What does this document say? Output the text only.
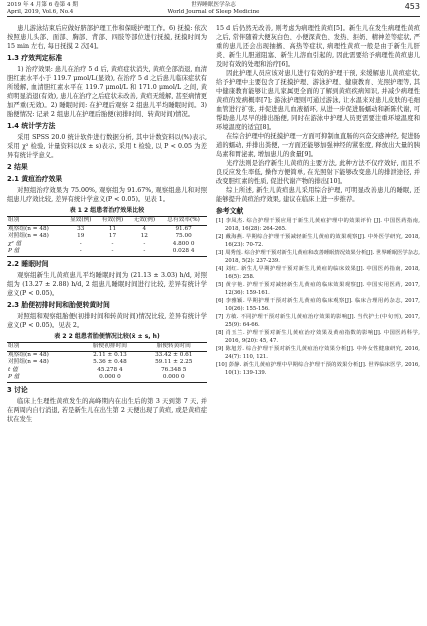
2019 年 4 月第 6 卷第 4 期
April, 2019, Vol.6, No.4
世界睡眠医学杂志
World Journal of Sleep Medicine
453

患儿游泳结束后应做好脐部护理工作和保暖护理工作。6) 抚摸: 依次按照患儿头部、面部、胸部、背部、四肢等部位进行抚摸, 抚摸时间为 15 min 左右, 每日抚摸 2 次[4]。

1.3 疗效判定标准

1) 治疗效果: 患儿在治疗 5 d 后, 黄疸症状消失, 黄疸全部消退, 血清胆红素水平小于 119.7 μmol/L(显效), 在治疗 5 d 之后患儿临床症状有所缓解, 血清胆红素水平在 119.7 μmol/L 和 171.0 μmol/L 之间, 黄疸明显消退(有效), 患儿在治疗之后症状未改善, 黄疸无缓解, 甚至病情更加严重(无效)。2) 睡眠时间: 在护理后观察 2 组患儿平均睡眠时间。3) 胎便情况: 记录 2 组患儿在护理后胎便(初排时间、转黄时间)情况。

1.4 统计学方法

采用 SPSS 20.0 统计软件进行数据分析, 其中计数资料以(%)表示, 采用 χ² 检验, 计量资料以(x̄ ± s)表示, 采用 t 检验, 以 P < 0.05 为差异有统计学意义。

2 结果
2.1 黄疸治疗效果

对照组治疗效果为 75.00%, 观察组为 91.67%, 观察组患儿和对照组患儿疗效比较, 差异有统计学意义(P < 0.05)。见表 1。

表 1 2 组患者治疗效果比较
组别	显效(例)	有效(例)	无效(例)	总有效率(%)
观察组(n = 48)	33	11	4	91.67
对照组(n = 48)	19	17	12	75.00
χ² 值	-	-	-	4.800 0
P 值	-	-	-	0.028 4
2.2 睡眠时间

观察组新生儿黄疸患儿平均睡眠时间为 (21.13 ± 3.03) h/d, 对照组为 (13.27 ± 2.88) h/d, 2 组患儿睡眠时间进行比较, 差异有统计学意义(P < 0.05)。

2.3 胎便初排时间和胎便转黄时间

对照组和观察组胎便(初排时间和转黄时间)情况比较, 差异有统计学意义(P < 0.05)。见表 2。

表 2 2 组患者胎便情况比较(x̄ ± s, h)
组别	胎便初排时间	胎便转黄时间
观察组(n = 48)	2.11 ± 0.13	33.42 ± 0.61
对照组(n = 48)	5.36 ± 0.48	59.11 ± 2.25
t 值	45.278 4	76.348 5
P 值	0.000 0	0.000 0
3 讨论

临床上生理性黄疸发生的高峰期内在出生后的第 3 天到第 7 天, 并在两周内自行消退, 若是新生儿在出生第 2 天便出现了黄疸, 或是黄疸症状在发生

15 d 后仍然无改善, 则考虑为病理性黄疸[5]。新生儿在发生病理性黄疸之后, 常伴随着大便灰白色、小便深黄色、发热、拒奶、精神差等症状, 严重的患儿还会出现抽搐、高热等症状, 病理性黄疸一般是由于新生儿肝炎、新生儿胆道阻塞、新生儿溶血引起的, 因此需要给予病理性黄疸患儿及时有效的处理和治疗[6]。

因此护理人员应该对患儿进行有效的护理干预, 来缓解患儿黄疸症状, 给予护理中主要包含了抚摸护理、游泳护理、健康教育、光照护理等, 其中健康教育能够让患儿家属更全面的了解到黄疸疾病知识, 并减少病理性黄疸的发病概率[7]; 游泳护理则可通过游泳, 让水温来对患儿皮肤的毛细血管进行扩张, 并促进患儿血液循环, 从进一步促进肠蠕动和新陈代谢, 可帮助患儿尽早的排出胎便, 同时在游泳中护理人员更需要注重环境温度和环境温度的适宜[8]。

在综合护理中的抚摸护理一方面可抑制血直肠的兴奋交感神经, 促进肠道的蠕动, 并排出粪便, 一方面还能够加强神经的紧张度, 释放出大量的胰岛素和胃泌素, 增加患儿的食量[9]。

光疗法则是治疗新生儿黄疸的主要方法, 此种方法不仅疗效好, 而且不良反应发生率低, 操作方便简单, 在光照射下能够改变患儿的排泄途径, 并改变胆红素的性质, 促进代谢产物的排出[10]。

综上所述, 新生儿黄疸患儿采用综合护理, 可明显改善患儿的睡眠, 还能够提升黄疸治疗效果, 建议在临床上进一步推荐。

参考文献
[1] 李凤杰. 综合护理干预应用于新生儿黄疸护理中的效果评价 [J]. 中国医药指南, 2018, 16(28): 264-265.
[2] 戴海燕. 早期综合护理干预减轻新生儿黄疸的效果观察[J]. 中外医学研究, 2018, 16(23): 70-72.
[3] 周秀莲. 综合护理干预对新生儿黄疸和改善睡眠情况效果分析[J]. 世界睡眠医学杂志, 2018, 5(2): 237-239.
[4] 刘红. 新生儿早期护理干预对新生儿黄疸的临床效果[J]. 中国医药指南, 2018, 16(5): 258.
[5] 黄宇艳. 护理干预对减轻新生儿黄疸的临床效果观察[J]. 中国实用医药, 2017, 12(36): 159-161.
[6] 李雅颖. 早期护理干预对新生儿黄疸的临床观察[J]. 临床合理用药杂志, 2017, 10(26): 155-156.
[7] 方敏. 不同护理干预对新生儿黄疸治疗效果的影响[J]. 当代护士(中旬刊), 2017, 25(9): 64-66.
[8] 肖玉兰. 护理干预对新生儿黄疸治疗效果及黄疸指数的影响[J]. 中国医药科学, 2016, 9(20): 45, 47.
[9] 陈旭芳. 综合护理干预对新生儿黄疸治疗效果分析[J]. 中外女性健康研究, 2016, 24(7): 110, 121.
[10] 彭静. 新生儿黄疸护理中早期综合护理干预的效果分析[J]. 世界临床医学, 2016, 10(1): 139-139.
